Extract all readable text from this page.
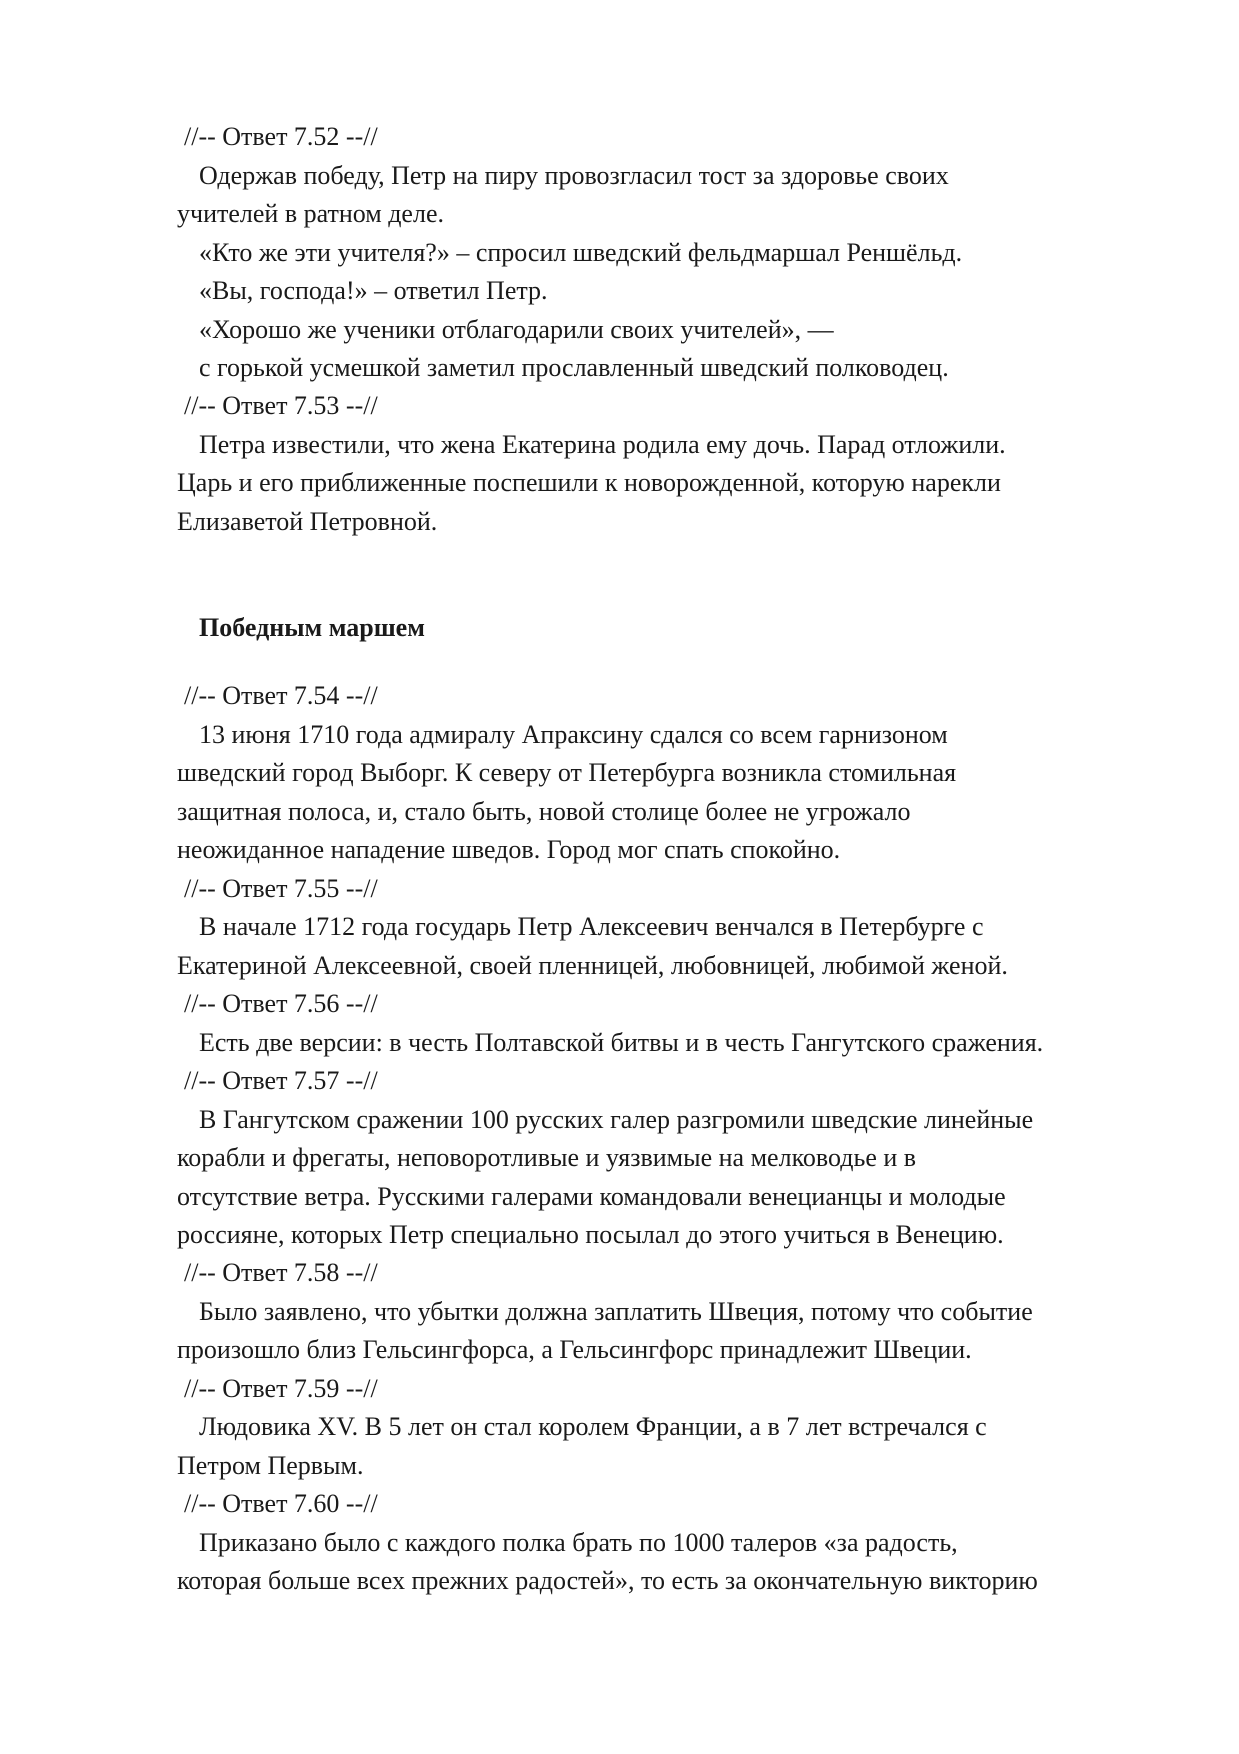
//-- Ответ 7.52 --//
Одержав победу, Петр на пиру провозгласил тост за здоровье своих
учителей в ратном деле.
«Кто же эти учителя?» – спросил шведский фельдмаршал Реншёльд.
«Вы, господа!» – ответил Петр.
«Хорошо же ученики отблагодарили своих учителей», —
с горькой усмешкой заметил прославленный шведский полководец.
//-- Ответ 7.53 --//
Петра известили, что жена Екатерина родила ему дочь. Парад отложили.
Царь и его приближенные поспешили к новорожденной, которую нарекли
Елизаветой Петровной.
Победным маршем
//-- Ответ 7.54 --//
13 июня 1710 года адмиралу Апраксину сдался со всем гарнизоном
шведский город Выборг. К северу от Петербурга возникла стомильная
защитная полоса, и, стало быть, новой столице более не угрожало
неожиданное нападение шведов. Город мог спать спокойно.
//-- Ответ 7.55 --//
В начале 1712 года государь Петр Алексеевич венчался в Петербурге с
Екатериной Алексеевной, своей пленницей, любовницей, любимой женой.
//-- Ответ 7.56 --//
Есть две версии: в честь Полтавской битвы и в честь Гангутского сражения.
//-- Ответ 7.57 --//
В Гангутском сражении 100 русских галер разгромили шведские линейные
корабли и фрегаты, неповоротливые и уязвимые на мелководье и в
отсутствие ветра. Русскими галерами командовали венецианцы и молодые
россияне, которых Петр специально посылал до этого учиться в Венецию.
//-- Ответ 7.58 --//
Было заявлено, что убытки должна заплатить Швеция, потому что событие
произошло близ Гельсингфорса, а Гельсингфорс принадлежит Швеции.
//-- Ответ 7.59 --//
Людовика XV. В 5 лет он стал королем Франции, а в 7 лет встречался с
Петром Первым.
//-- Ответ 7.60 --//
Приказано было с каждого полка брать по 1000 талеров «за радость,
которая больше всех прежних радостей», то есть за окончательную викторию
